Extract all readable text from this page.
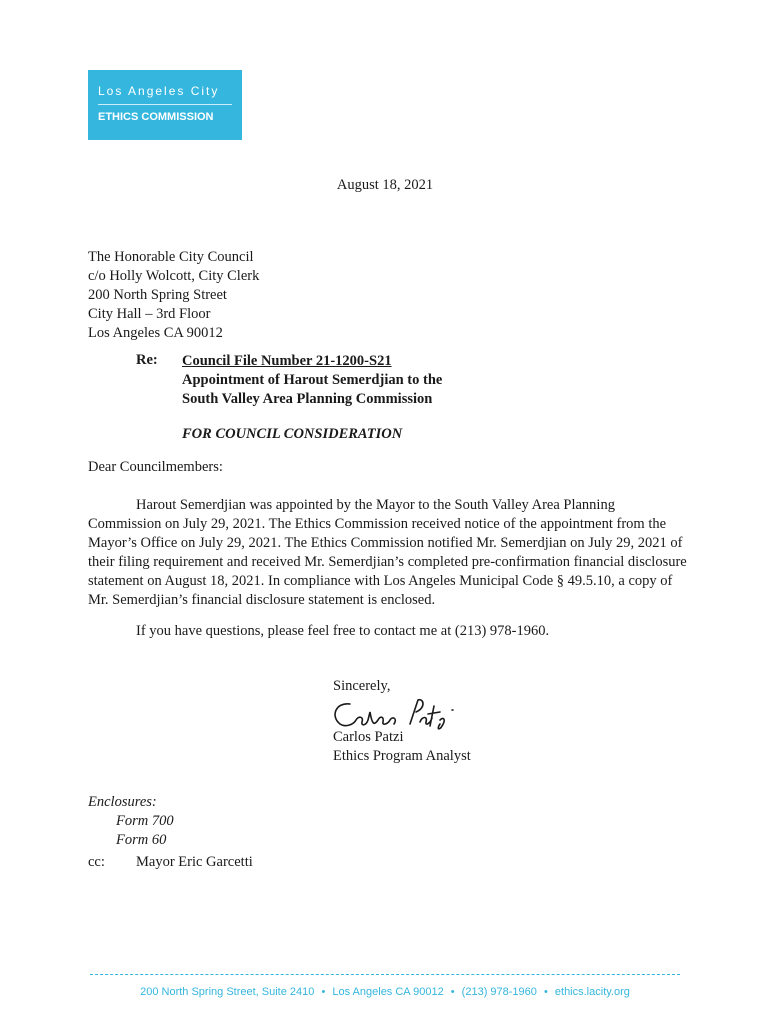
Los Angeles City
ETHICS COMMISSION
August 18, 2021
The Honorable City Council
c/o Holly Wolcott, City Clerk
200 North Spring Street
City Hall – 3rd Floor
Los Angeles CA 90012
Re:	Council File Number 21-1200-S21
Appointment of Harout Semerdjian to the
South Valley Area Planning Commission
FOR COUNCIL CONSIDERATION
Dear Councilmembers:
Harout Semerdjian was appointed by the Mayor to the South Valley Area Planning Commission on July 29, 2021. The Ethics Commission received notice of the appointment from the Mayor’s Office on July 29, 2021. The Ethics Commission notified Mr. Semerdjian on July 29, 2021 of their filing requirement and received Mr. Semerdjian’s completed pre-confirmation financial disclosure statement on August 18, 2021. In compliance with Los Angeles Municipal Code § 49.5.10, a copy of Mr. Semerdjian’s financial disclosure statement is enclosed.
If you have questions, please feel free to contact me at (213) 978-1960.
Sincerely,
Carlos Patzi
Ethics Program Analyst
Enclosures:
Form 700
Form 60
cc:	Mayor Eric Garcetti
200 North Spring Street, Suite 2410 • Los Angeles CA 90012 • (213) 978-1960 • ethics.lacity.org
